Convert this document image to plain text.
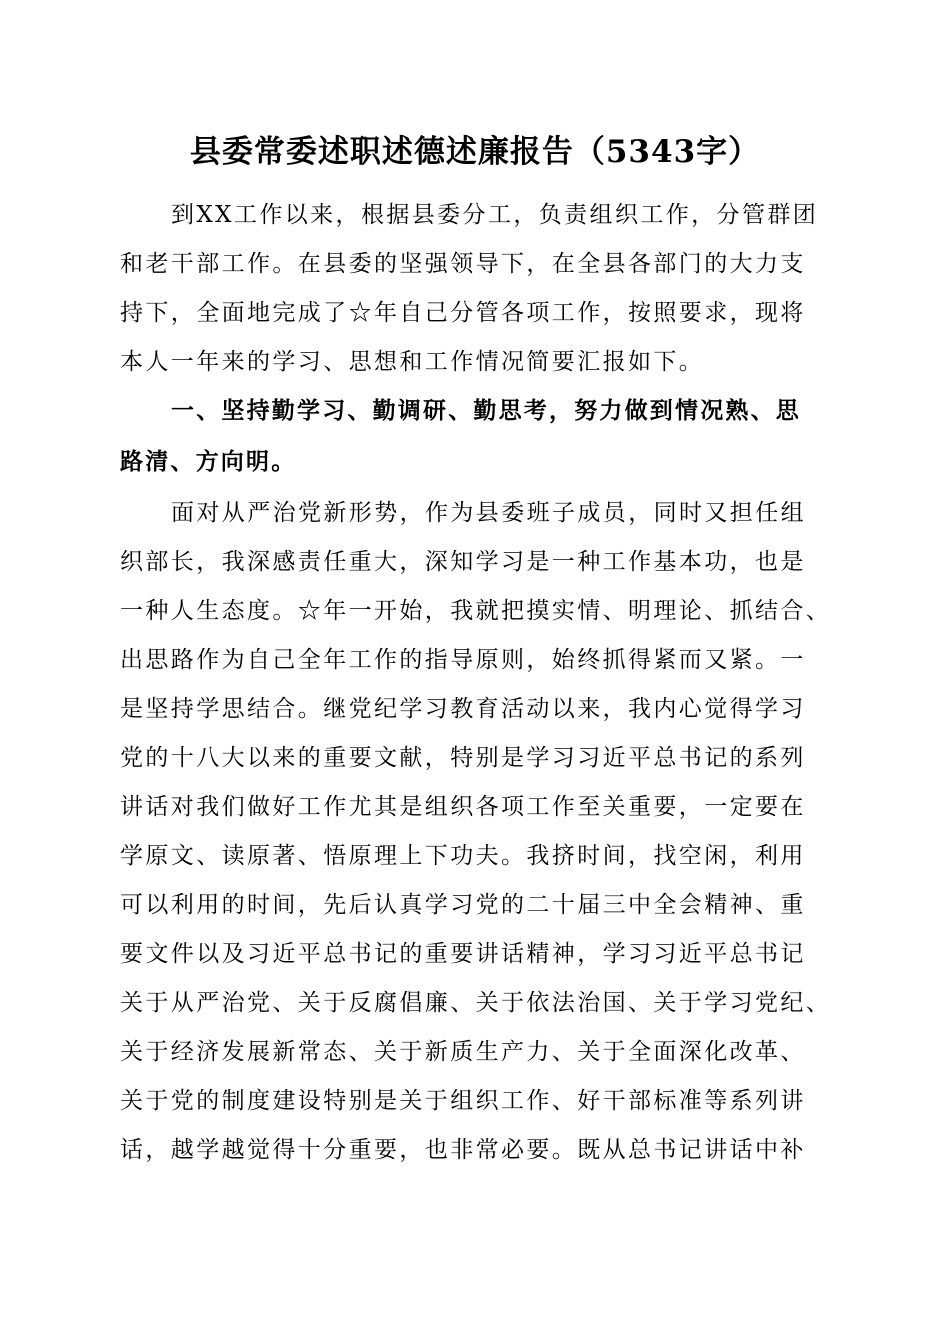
县委常委述职述德述廉报告（5343字）
到XX工作以来，根据县委分工，负责组织工作，分管群团
和老干部工作。在县委的坚强领导下，在全县各部门的大力支
持下，全面地完成了☆年自己分管各项工作，按照要求，现将
本人一年来的学习、思想和工作情况简要汇报如下。
一、坚持勤学习、勤调研、勤思考，努力做到情况熟、思
路清、方向明。
面对从严治党新形势，作为县委班子成员，同时又担任组
织部长，我深感责任重大，深知学习是一种工作基本功，也是
一种人生态度。☆年一开始，我就把摸实情、明理论、抓结合、
出思路作为自己全年工作的指导原则，始终抓得紧而又紧。一
是坚持学思结合。继党纪学习教育活动以来，我内心觉得学习
党的十八大以来的重要文献，特别是学习习近平总书记的系列
讲话对我们做好工作尤其是组织各项工作至关重要，一定要在
学原文、读原著、悟原理上下功夫。我挤时间，找空闲，利用
可以利用的时间，先后认真学习党的二十届三中全会精神、重
要文件以及习近平总书记的重要讲话精神，学习习近平总书记
关于从严治党、关于反腐倡廉、关于依法治国、关于学习党纪、
关于经济发展新常态、关于新质生产力、关于全面深化改革、
关于党的制度建设特别是关于组织工作、好干部标准等系列讲
话，越学越觉得十分重要，也非常必要。既从总书记讲话中补
